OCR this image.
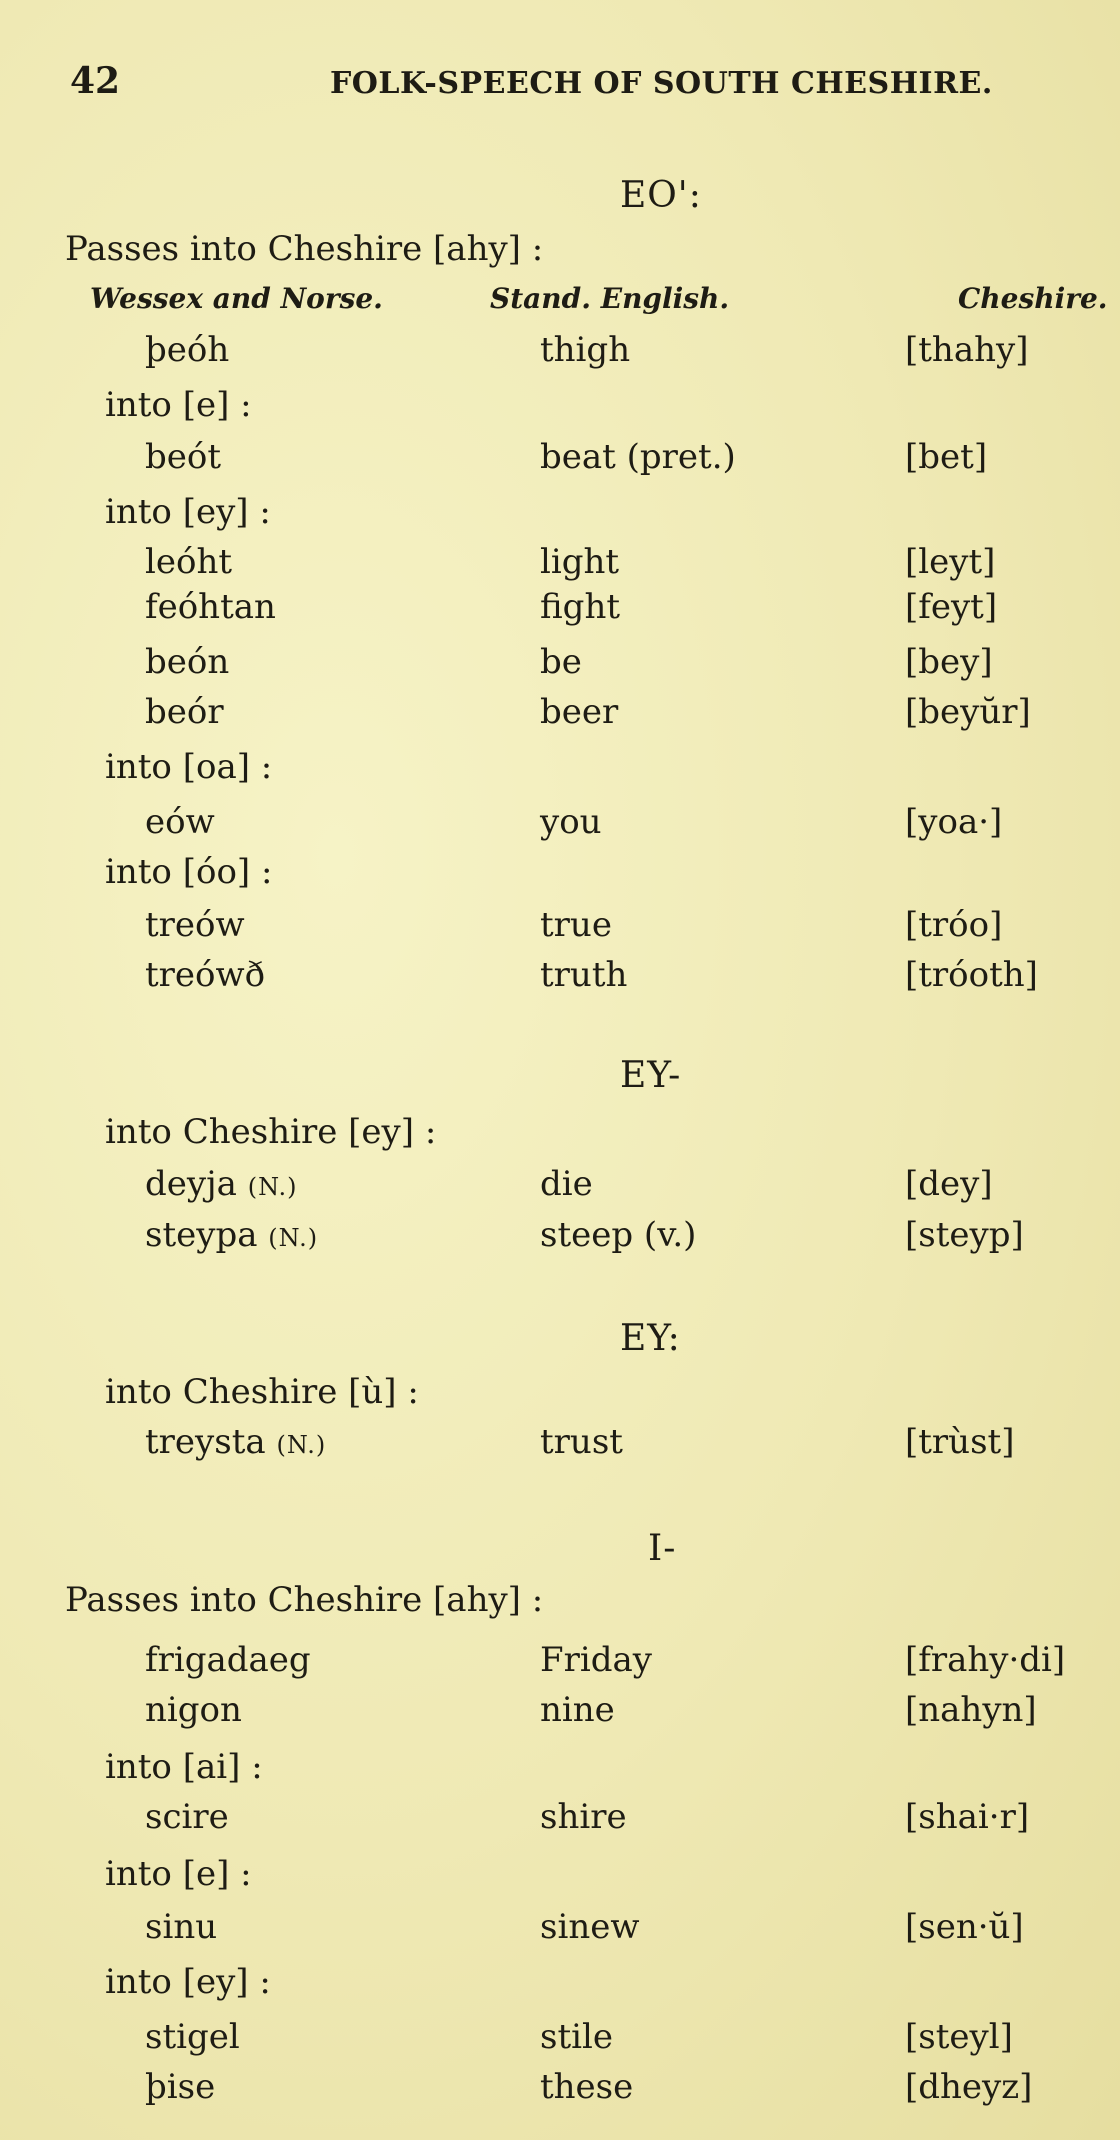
42	FOLK-SPEECH OF SOUTH CHESHIRE.
EO':
Passes into Cheshire [ahy] :
Wessex and Norse.	Stand. English.	Cheshire.
þeóh	thigh	[thahy]
into [e] :
beót	beat (pret.)	[bet]
into [ey] :
leóht	light	[leyt]
feóhtan	fight	[feyt]
beón	be	[bey]
beór	beer	[beyŭr]
into [oa] :
eów	you	[yoa·]
into [óo] :
treów	true	[tróo]
treówð	truth	[tróoth]
EY-
into Cheshire [ey] :
deyja (N.)	die	[dey]
steypa (N.)	steep (v.)	[steyp]
EY:
into Cheshire [ù] :
treysta (N.)	trust	[trùst]
I-
Passes into Cheshire [ahy] :
frigadaeg	Friday	[frahy·di]
nigon	nine	[nahyn]
into [ai] :
scire	shire	[shai·r]
into [e] :
sinu	sinew	[sen·ŭ]
into [ey] :
stigel	stile	[steyl]
þise	these	[dheyz]
